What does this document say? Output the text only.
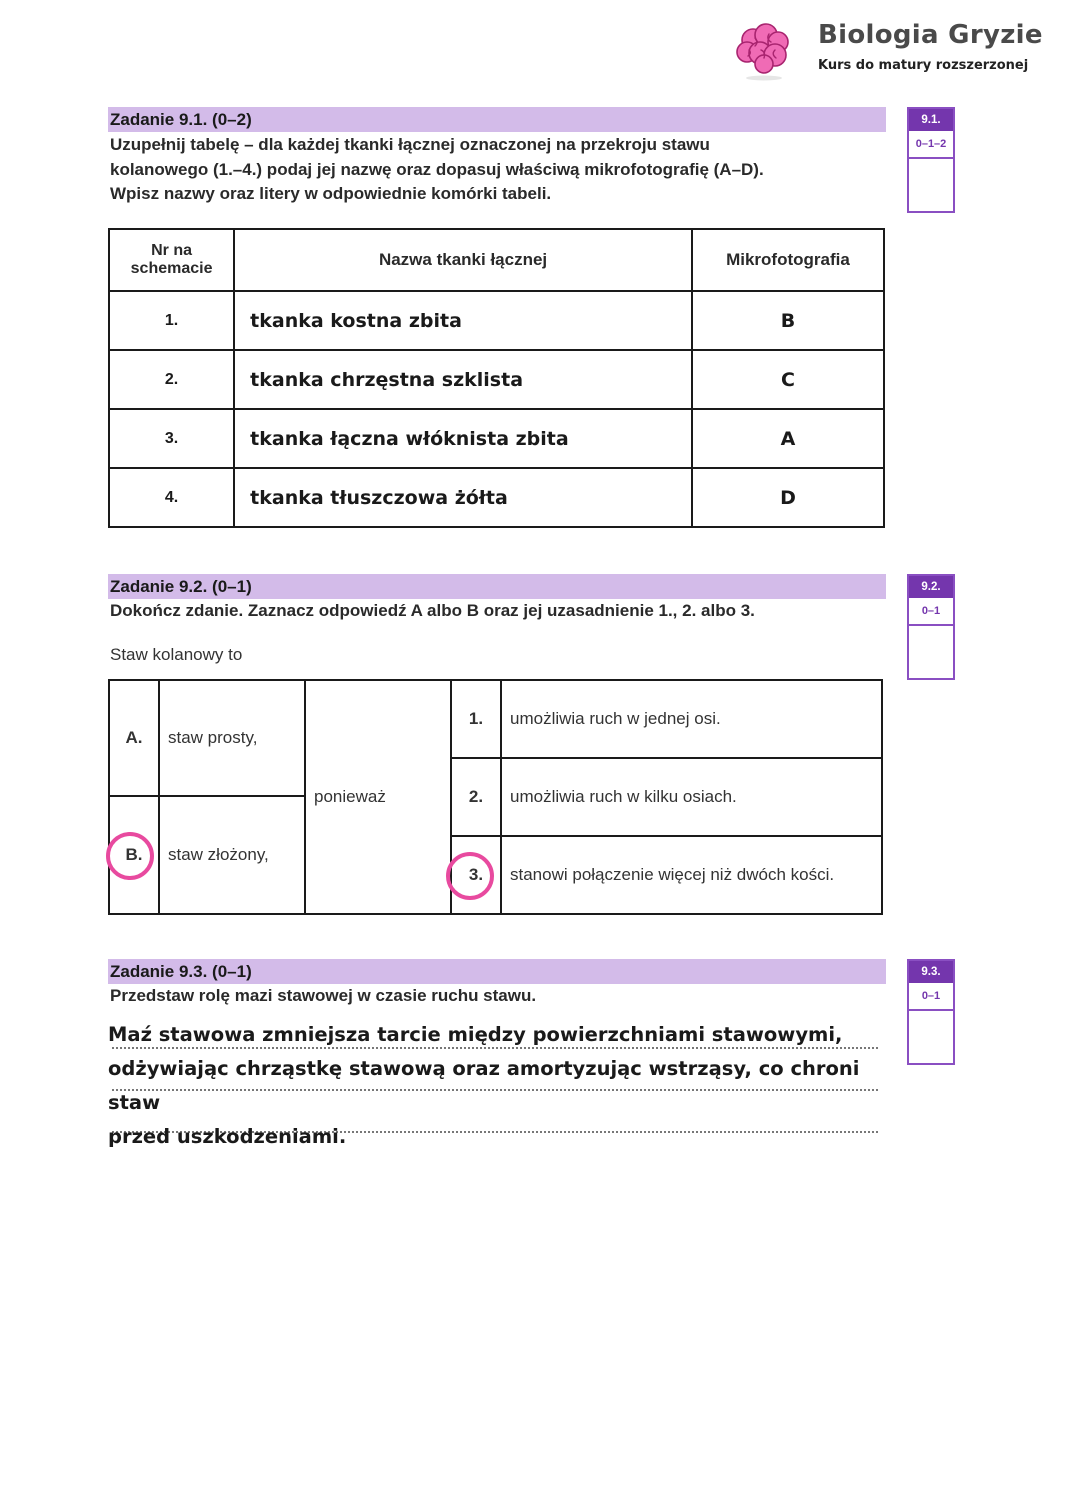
Biologia Gryzie
Kurs do matury rozszerzonej
Zadanie 9.1. (0–2)
Uzupełnij tabelę – dla każdej tkanki łącznej oznaczonej na przekroju stawu
kolanowego (1.–4.) podaj jej nazwę oraz dopasuj właściwą mikrofotografię (A–D).
Wpisz nazwy oraz litery w odpowiednie komórki tabeli.
9.1.
0–1–2
Nr na
schemacie	Nazwa tkanki łącznej	Mikrofotografia
1.	tkanka kostna zbita	B
2.	tkanka chrzęstna szklista	C
3.	tkanka łączna włóknista zbita	A
4.	tkanka tłuszczowa żółta	D
Zadanie 9.2. (0–1)
Dokończ zdanie. Zaznacz odpowiedź A albo B oraz jej uzasadnienie 1., 2. albo 3.
9.2.
0–1
Staw kolanowy to
A.	staw prosty,	ponieważ	1.	umożliwia ruch w jednej osi.

			2.	umożliwia ruch w kilku osiach.
B.	staw złożony,			
			3.	stanowi połączenie więcej niż dwóch kości.

Zadanie 9.3. (0–1)
Przedstaw rolę mazi stawowej w czasie ruchu stawu.
9.3.
0–1
Maź stawowa zmniejsza tarcie między powierzchniami stawowymi,
odżywiając chrząstkę stawową oraz amortyzując wstrząsy, co chroni staw
przed uszkodzeniami.
